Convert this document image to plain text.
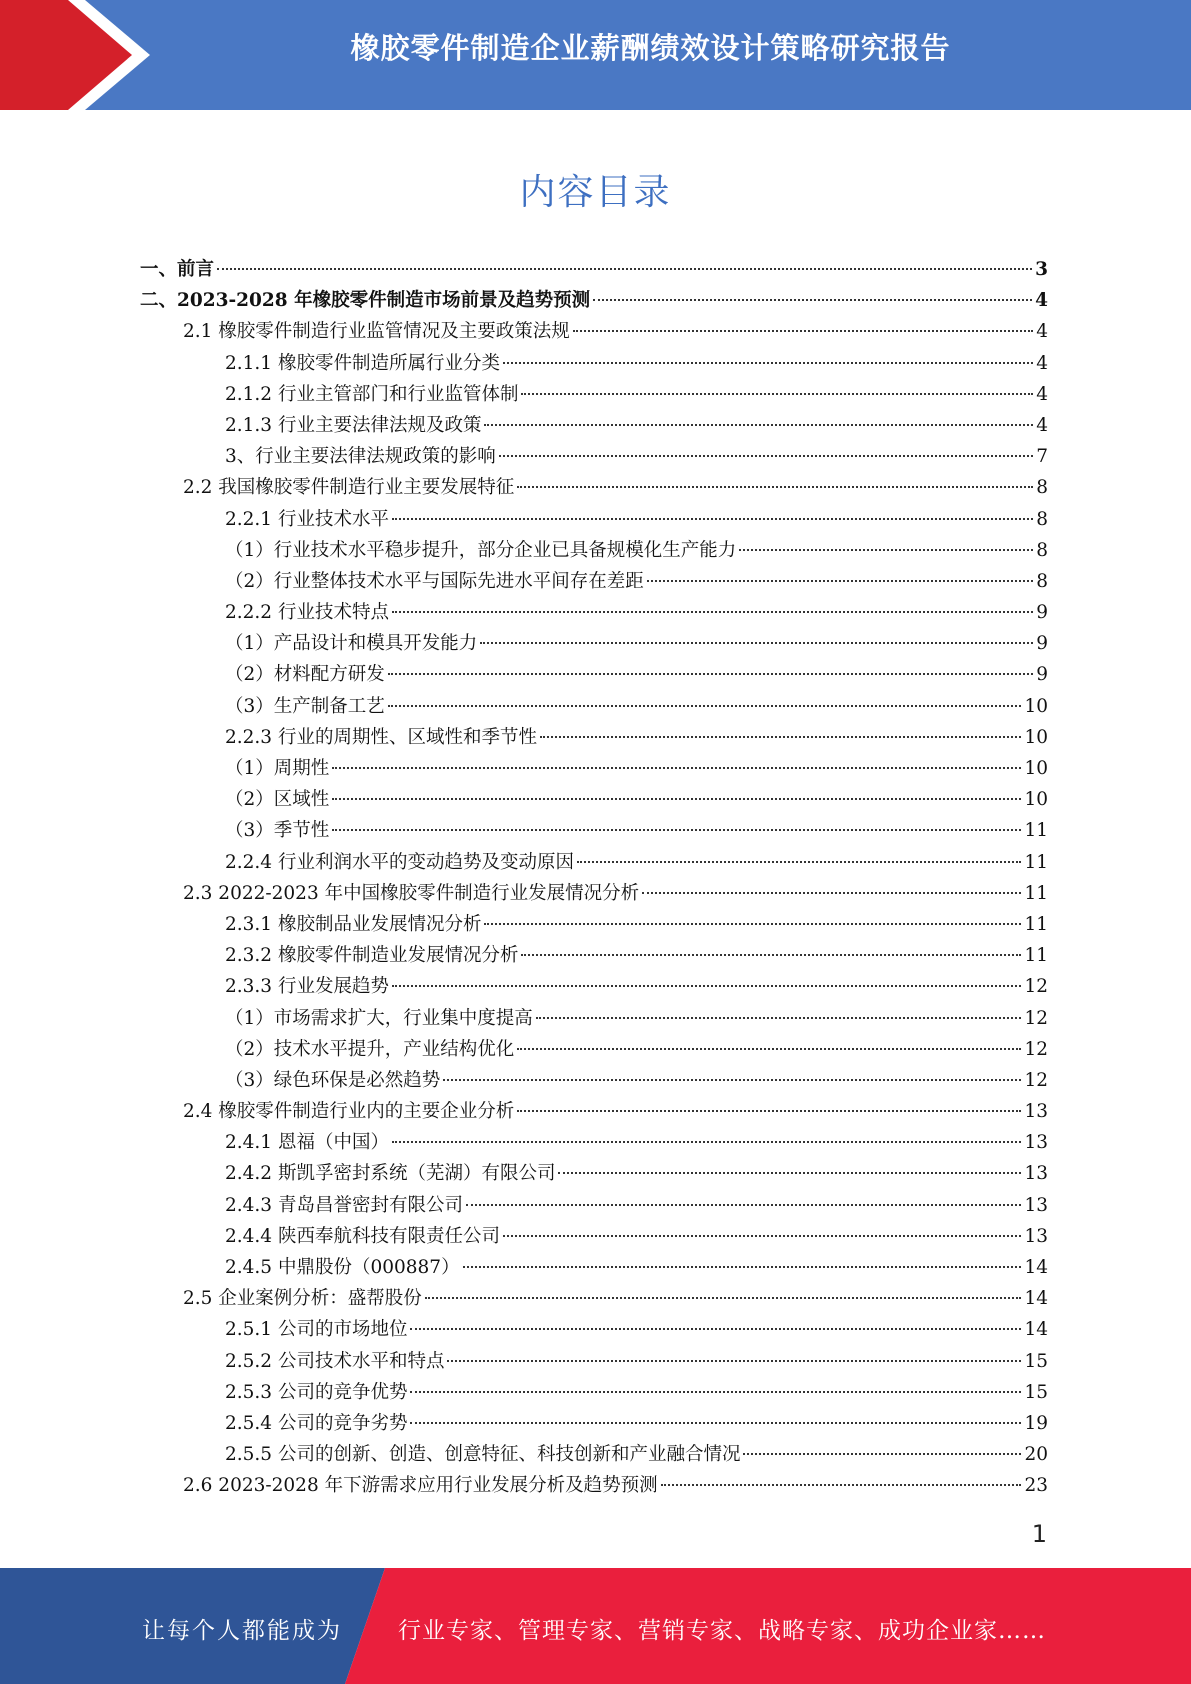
橡胶零件制造企业薪酬绩效设计策略研究报告
内容目录
一、前言	3
二、2023-2028 年橡胶零件制造市场前景及趋势预测	4
2.1 橡胶零件制造行业监管情况及主要政策法规	4
2.1.1 橡胶零件制造所属行业分类	4
2.1.2 行业主管部门和行业监管体制	4
2.1.3 行业主要法律法规及政策	4
3、行业主要法律法规政策的影响	7
2.2 我国橡胶零件制造行业主要发展特征	8
2.2.1 行业技术水平	8
（1）行业技术水平稳步提升，部分企业已具备规模化生产能力	8
（2）行业整体技术水平与国际先进水平间存在差距	8
2.2.2 行业技术特点	9
（1）产品设计和模具开发能力	9
（2）材料配方研发	9
（3）生产制备工艺	10
2.2.3 行业的周期性、区域性和季节性	10
（1）周期性	10
（2）区域性	10
（3）季节性	11
2.2.4 行业利润水平的变动趋势及变动原因	11
2.3 2022-2023 年中国橡胶零件制造行业发展情况分析	11
2.3.1 橡胶制品业发展情况分析	11
2.3.2 橡胶零件制造业发展情况分析	11
2.3.3 行业发展趋势	12
（1）市场需求扩大，行业集中度提高	12
（2）技术水平提升，产业结构优化	12
（3）绿色环保是必然趋势	12
2.4 橡胶零件制造行业内的主要企业分析	13
2.4.1 恩福（中国）	13
2.4.2 斯凯孚密封系统（芜湖）有限公司	13
2.4.3 青岛昌誉密封有限公司	13
2.4.4 陕西奉航科技有限责任公司	13
2.4.5 中鼎股份（000887）	14
2.5 企业案例分析：盛帮股份	14
2.5.1 公司的市场地位	14
2.5.2 公司技术水平和特点	15
2.5.3 公司的竞争优势	15
2.5.4 公司的竞争劣势	19
2.5.5 公司的创新、创造、创意特征、科技创新和产业融合情况	20
2.6 2023-2028 年下游需求应用行业发展分析及趋势预测	23
1
让每个人都能成为 行业专家、管理专家、营销专家、战略专家、成功企业家……
